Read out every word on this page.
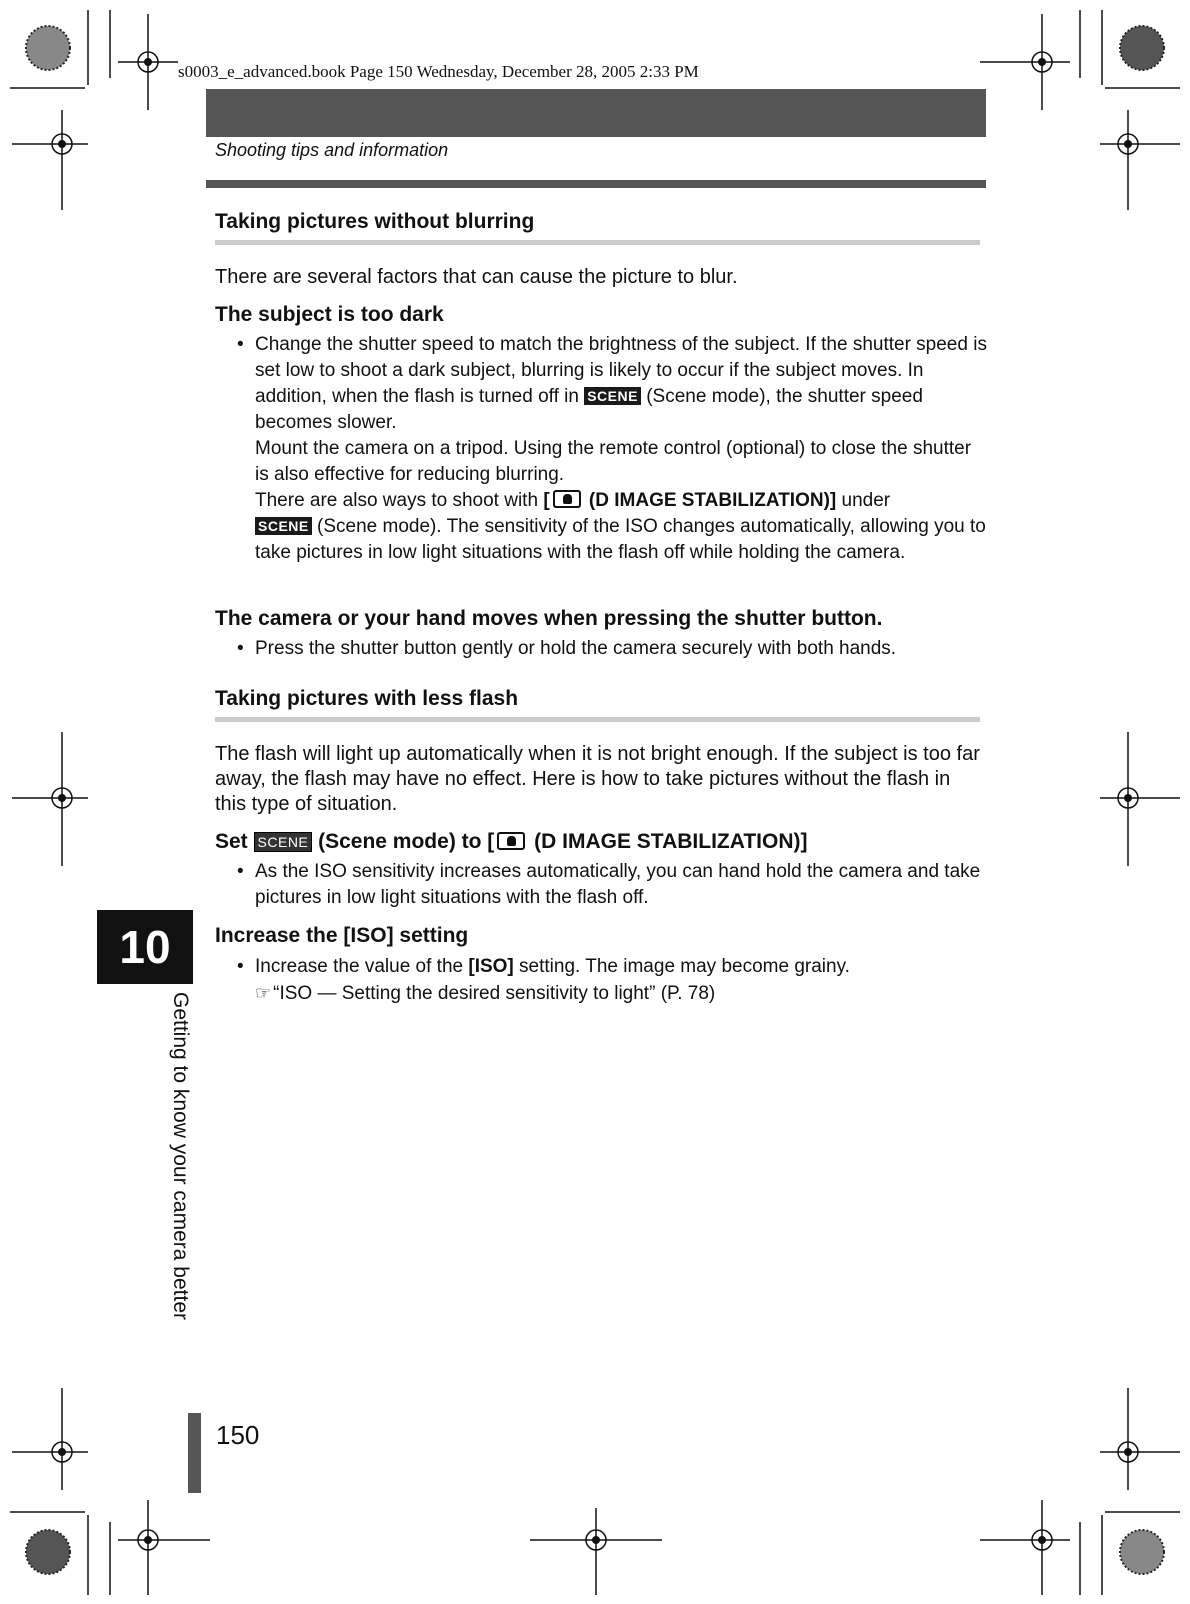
s0003_e_advanced.book Page 150 Wednesday, December 28, 2005 2:33 PM
Shooting tips and information
Taking pictures without blurring
There are several factors that can cause the picture to blur.
The subject is too dark
• Change the shutter speed to match the brightness of the subject. If the shutter speed is set low to shoot a dark subject, blurring is likely to occur if the subject moves. In addition, when the flash is turned off in SCENE (Scene mode), the shutter speed becomes slower.
Mount the camera on a tripod. Using the remote control (optional) to close the shutter is also effective for reducing blurring.
There are also ways to shoot with [ (D IMAGE STABILIZATION)] under
SCENE (Scene mode). The sensitivity of the ISO changes automatically, allowing you to take pictures in low light situations with the flash off while holding the camera.
The camera or your hand moves when pressing the shutter button.
• Press the shutter button gently or hold the camera securely with both hands.
Taking pictures with less flash
The flash will light up automatically when it is not bright enough. If the subject is too far away, the flash may have no effect. Here is how to take pictures without the flash in this type of situation.
Set SCENE (Scene mode) to [ (D IMAGE STABILIZATION)]
• As the ISO sensitivity increases automatically, you can hand hold the camera and take pictures in low light situations with the flash off.
Increase the [ISO] setting
• Increase the value of the [ISO] setting. The image may become grainy.
☞ “ISO — Setting the desired sensitivity to light” (P. 78)
10
Getting to know your camera better
150
